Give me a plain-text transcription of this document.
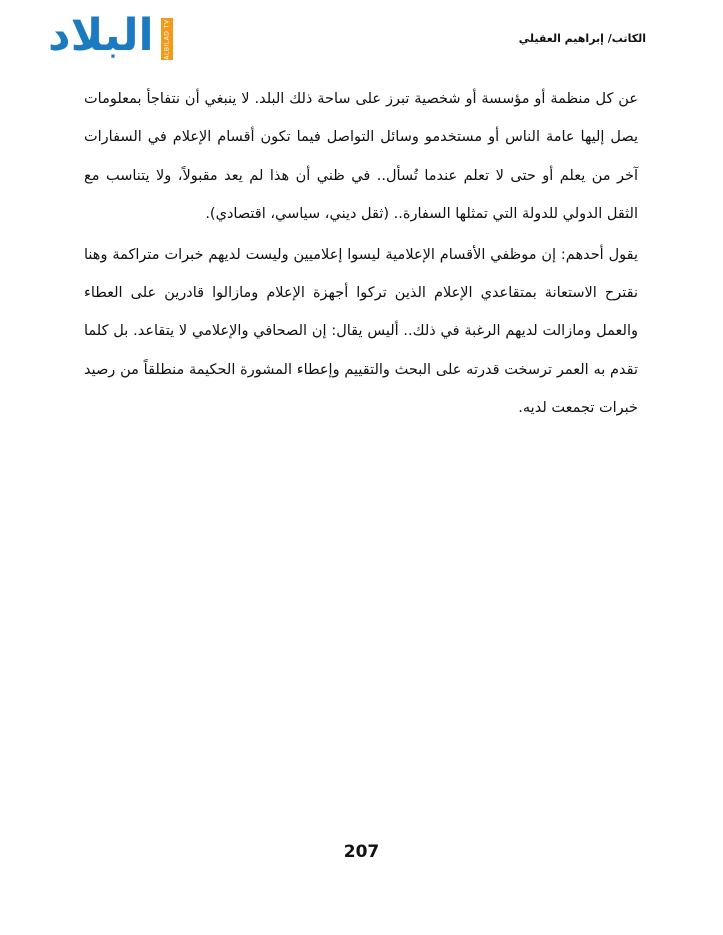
البلاد ALBILAD TV	الكاتب/ إبراهيم العقيلي

عن كل منظمة أو مؤسسة أو شخصية تبرز على ساحة ذلك البلد. لا ينبغي أن نتفاجأ بمعلومات يصل إليها عامة الناس أو مستخدمو وسائل التواصل فيما تكون أقسام الإعلام في السفارات آخر من يعلم أو حتى لا تعلم عندما تُسأل.. في ظني أن هذا لم يعد مقبولاً، ولا يتناسب مع الثقل الدولي للدولة التي تمثلها السفارة.. (ثقل ديني، سياسي، اقتصادي).

يقول أحدهم: إن موظفي الأقسام الإعلامية ليسوا إعلاميين وليست لديهم خبرات متراكمة وهنا نقترح الاستعانة بمتقاعدي الإعلام الذين تركوا أجهزة الإعلام ومازالوا قادرين على العطاء والعمل ومازالت لديهم الرغبة في ذلك.. أليس يقال: إن الصحافي والإعلامي لا يتقاعد. بل كلما تقدم به العمر ترسخت قدرته على البحث والتقييم وإعطاء المشورة الحكيمة منطلقاً من رصيد خبرات تجمعت لديه.

207
